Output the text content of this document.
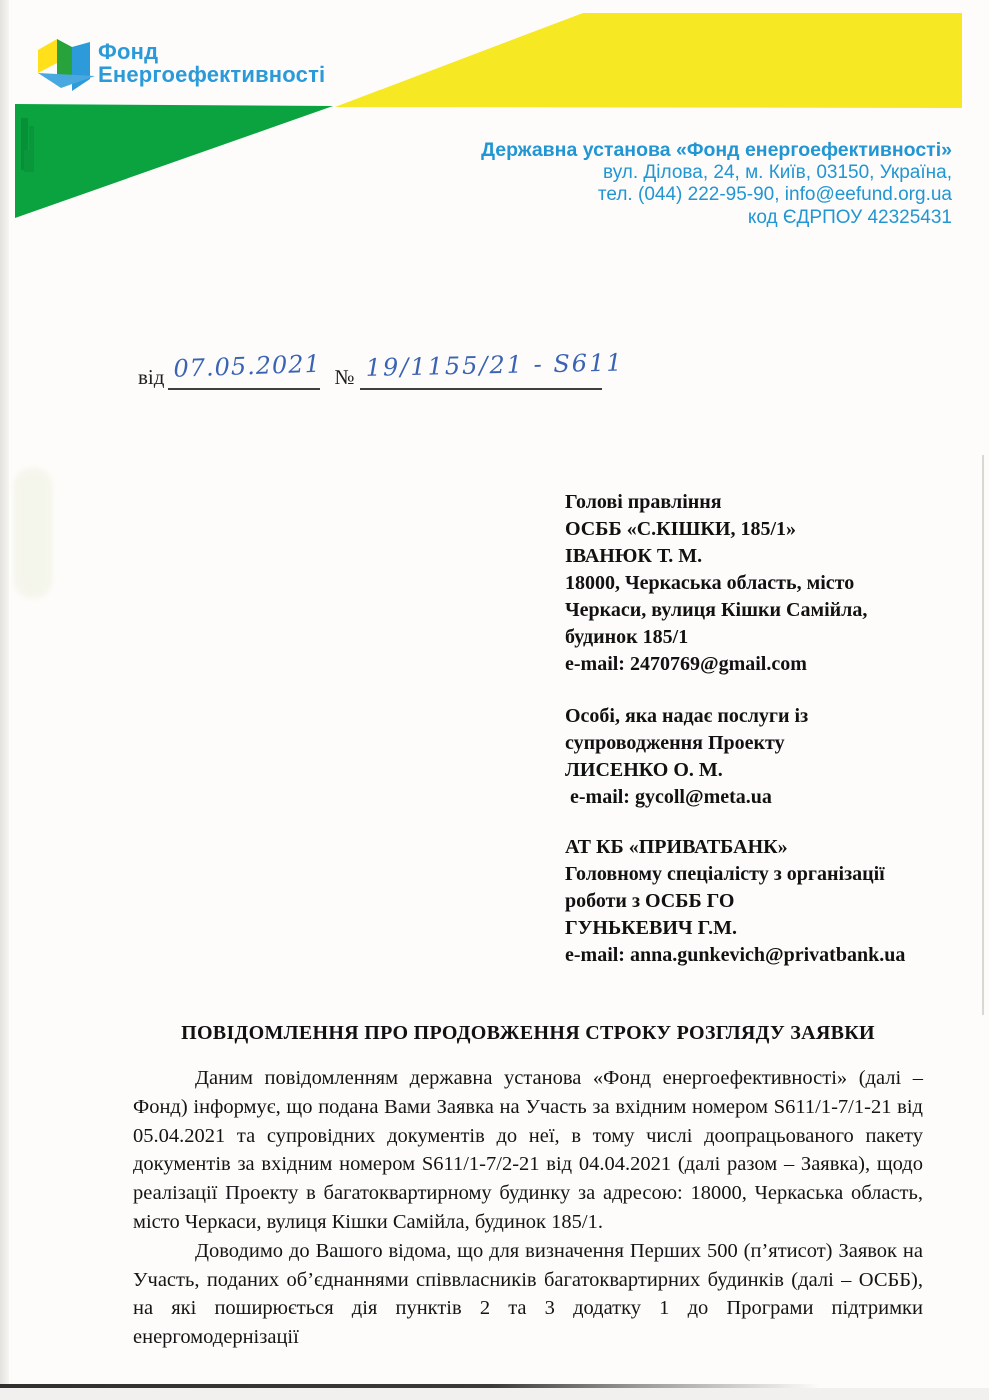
Фонд
Енергоефективності
Державна установа «Фонд енергоефективності»
вул. Ділова, 24, м. Київ, 03150, Україна,
тел. (044) 222-95-90, info@eefund.org.ua
код ЄДРПОУ 42325431
від 07.05.2021 № 19/1155/21 - S611
Голові правління
ОСББ «С.КІШКИ, 185/1»
ІВАНЮК Т. М.
18000, Черкаська область, місто
Черкаси, вулиця Кішки Самійла,
будинок 185/1
e-mail: 2470769@gmail.com
Особі, яка надає послуги із
супроводження Проекту
ЛИСЕНКО О. М.
e-mail: gycoll@meta.ua
АТ КБ «ПРИВАТБАНК»
Головному спеціалісту з організації
роботи з ОСББ ГО
ГУНЬКЕВИЧ Г.М.
e-mail: anna.gunkevich@privatbank.ua
ПОВІДОМЛЕННЯ ПРО ПРОДОВЖЕННЯ СТРОКУ РОЗГЛЯДУ ЗАЯВКИ

Даним повідомленням державна установа «Фонд енергоефективності» (далі – Фонд) інформує, що подана Вами Заявка на Участь за вхідним номером S611/1-7/1-21 від 05.04.2021 та супровідних документів до неї, в тому числі доопрацьованого пакету документів за вхідним номером S611/1-7/2-21 від 04.04.2021 (далі разом – Заявка), щодо реалізації Проекту в багатоквартирному будинку за адресою: 18000, Черкаська область, місто Черкаси, вулиця Кішки Самійла, будинок 185/1.

Доводимо до Вашого відома, що для визначення Перших 500 (п’ятисот) Заявок на Участь, поданих об’єднаннями співвласників багатоквартирних будинків (далі – ОСББ), на які поширюється дія пунктів 2 та 3 додатку 1 до Програми підтримки енергомодернізації
